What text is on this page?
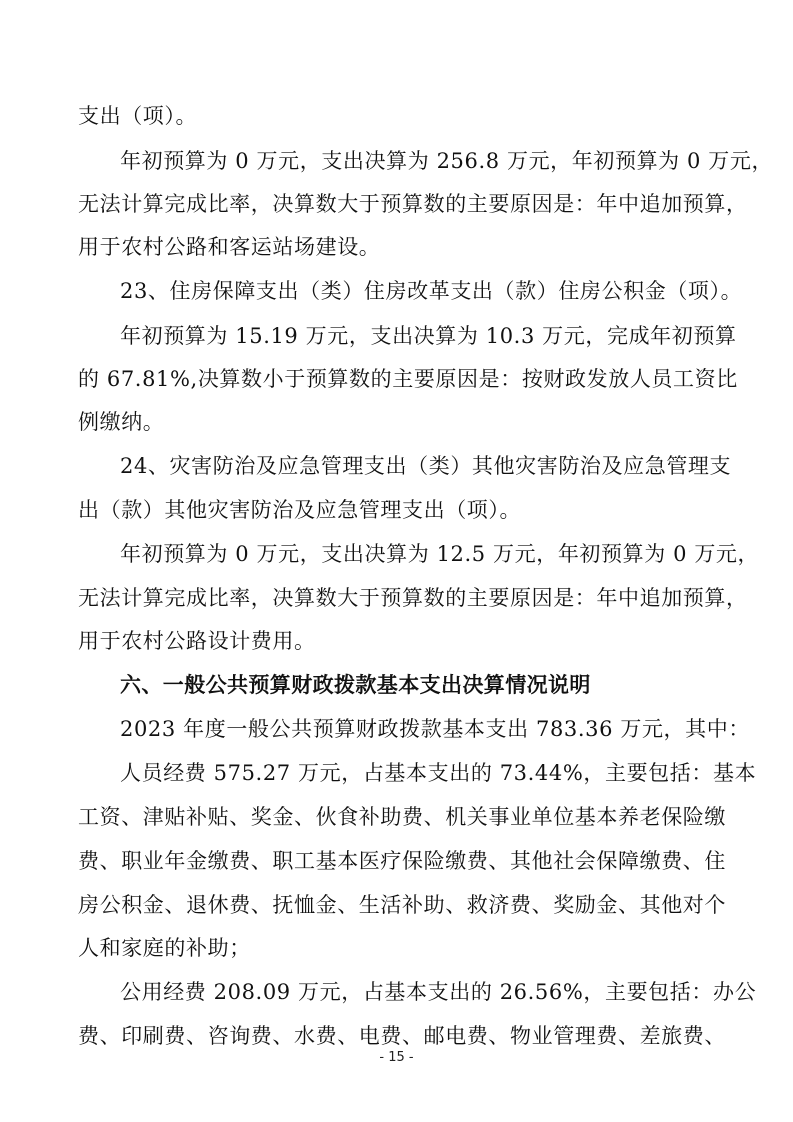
支出（项）。
年初预算为 0 万元，支出决算为 256.8 万元，年初预算为 0 万元，
无法计算完成比率，决算数大于预算数的主要原因是：年中追加预算，
用于农村公路和客运站场建设。
23、住房保障支出（类）住房改革支出（款）住房公积金（项）。
年初预算为 15.19 万元，支出决算为 10.3 万元，完成年初预算
的 67.81%,决算数小于预算数的主要原因是：按财政发放人员工资比
例缴纳。
24、灾害防治及应急管理支出（类）其他灾害防治及应急管理支
出（款）其他灾害防治及应急管理支出（项）。
年初预算为 0 万元，支出决算为 12.5 万元，年初预算为 0 万元，
无法计算完成比率，决算数大于预算数的主要原因是：年中追加预算，
用于农村公路设计费用。
六、一般公共预算财政拨款基本支出决算情况说明
2023 年度一般公共预算财政拨款基本支出 783.36 万元，其中：
人员经费 575.27 万元，占基本支出的 73.44%，主要包括：基本
工资、津贴补贴、奖金、伙食补助费、机关事业单位基本养老保险缴
费、职业年金缴费、职工基本医疗保险缴费、其他社会保障缴费、住
房公积金、退休费、抚恤金、生活补助、救济费、奖励金、其他对个
人和家庭的补助；
公用经费 208.09 万元，占基本支出的 26.56%，主要包括：办公
费、印刷费、咨询费、水费、电费、邮电费、物业管理费、差旅费、
- 15 -
